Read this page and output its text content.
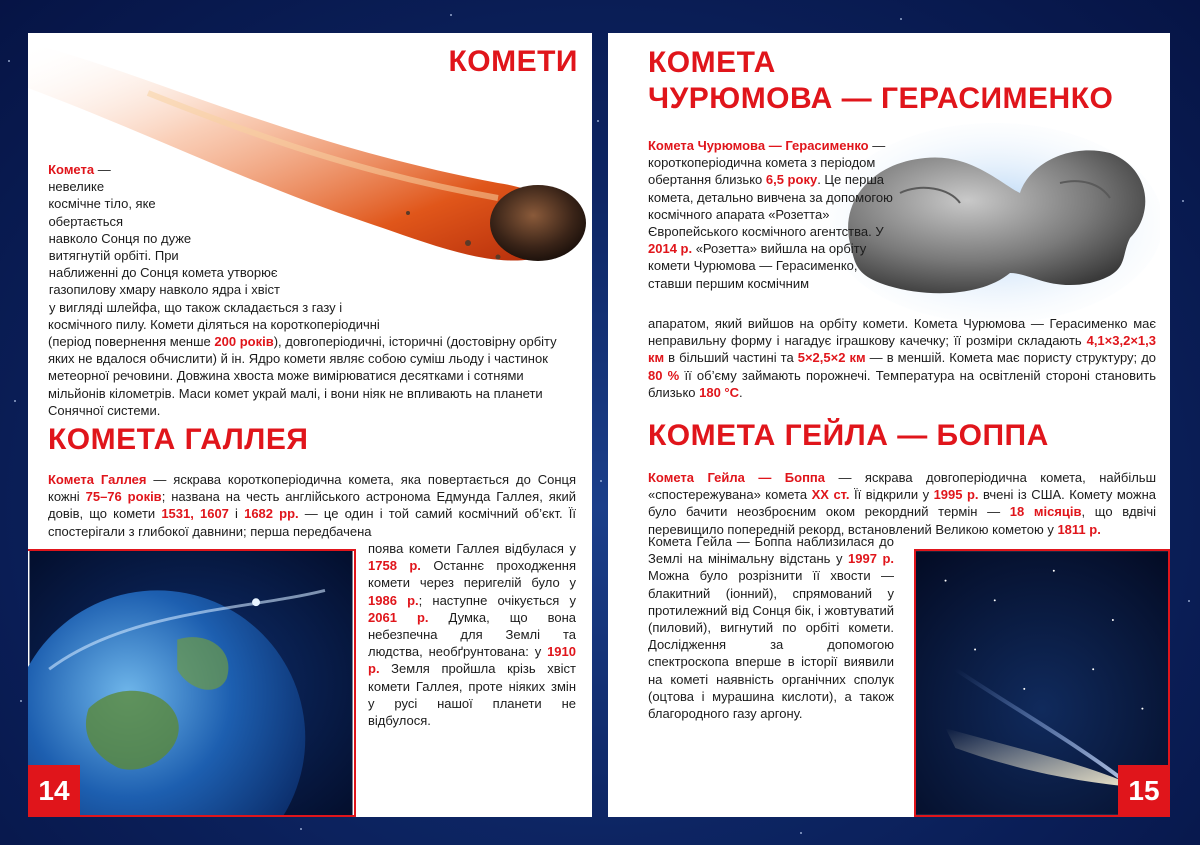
КОМЕТИ
Комета — невелике космічне тіло, яке обертається навколо Сонця по дуже витягнутій орбіті. При наближенні до Сонця комета утворює газопилову хмару навколо ядра і хвіст у вигляді шлейфа, що також складається з газу і космічного пилу. Комети діляться на короткоперіодичні (період повернення менше 200 років), довгоперіодичні, історичні (достовірну орбіту яких не вдалося обчислити) й ін. Ядро комети являє собою суміш льоду і частинок метеорної речовини. Довжина хвоста може вимірюватися десятками і сотнями мільйонів кілометрів. Маси комет украй малі, і вони ніяк не впливають на планети Сонячної системи.
КОМЕТА ГАЛЛЕЯ
Комета Галлея — яскрава короткоперіодична комета, яка повертається до Сонця кожні 75–76 років; названа на честь англійського астронома Едмунда Галлея, який довів, що комети 1531, 1607 і 1682 рр. — це один і той самий космічний об’єкт. Її спостерігали з глибокої давнини; перша передбачена
поява комети Галлея відбулася у 1758 р. Останнє проходження комети через перигелій було у 1986 р.; наступне очікується у 2061 р. Думка, що вона небезпечна для Землі та людства, необґрунтована: у 1910 р. Земля пройшла крізь хвіст комети Галлея, проте ніяких змін у русі нашої планети не відбулося.
14
КОМЕТА
ЧУРЮМОВА — ГЕРАСИМЕНКО
Комета Чурюмова — Герасименко — короткоперіодична комета з періодом обертання близько 6,5 року. Це перша комета, детально вивчена за допомогою космічного апарата «Розетта» Європейського космічного агентства. У 2014 р. «Розетта» вийшла на орбіту комети Чурюмова — Герасименко, ставши першим космічним
апаратом, який вийшов на орбіту комети. Комета Чурюмова — Герасименко має неправильну форму і нагадує іграшкову качечку; її розміри складають 4,1×3,2×1,3 км в більший частині та 5×2,5×2 км — в меншій. Комета має пористу структуру; до 80 % її об’єму займають порожнечі. Температура на освітленій стороні становить близько 180 °С.
КОМЕТА ГЕЙЛА — БОППА
Комета Гейла — Боппа — яскрава довгоперіодична комета, найбільш «спостережувана» комета XX ст. Її відкрили у 1995 р. вчені із США. Комету можна було бачити неозброєним оком рекордний термін — 18 місяців, що вдвічі перевищило попередній рекорд, встановлений Великою кометою у 1811 р.
Комета Гейла — Боппа наблизилася до Землі на мінімальну відстань у 1997 р. Можна було розрізнити її хвости — блакитний (іонний), спрямований у протилежний від Сонця бік, і жовтуватий (пиловий), вигнутий по орбіті комети. Дослідження за допомогою спектроскопа вперше в історії виявили на кометі наявність органічних сполук (оцтова і мурашина кислоти), а також благородного газу аргону.
15
